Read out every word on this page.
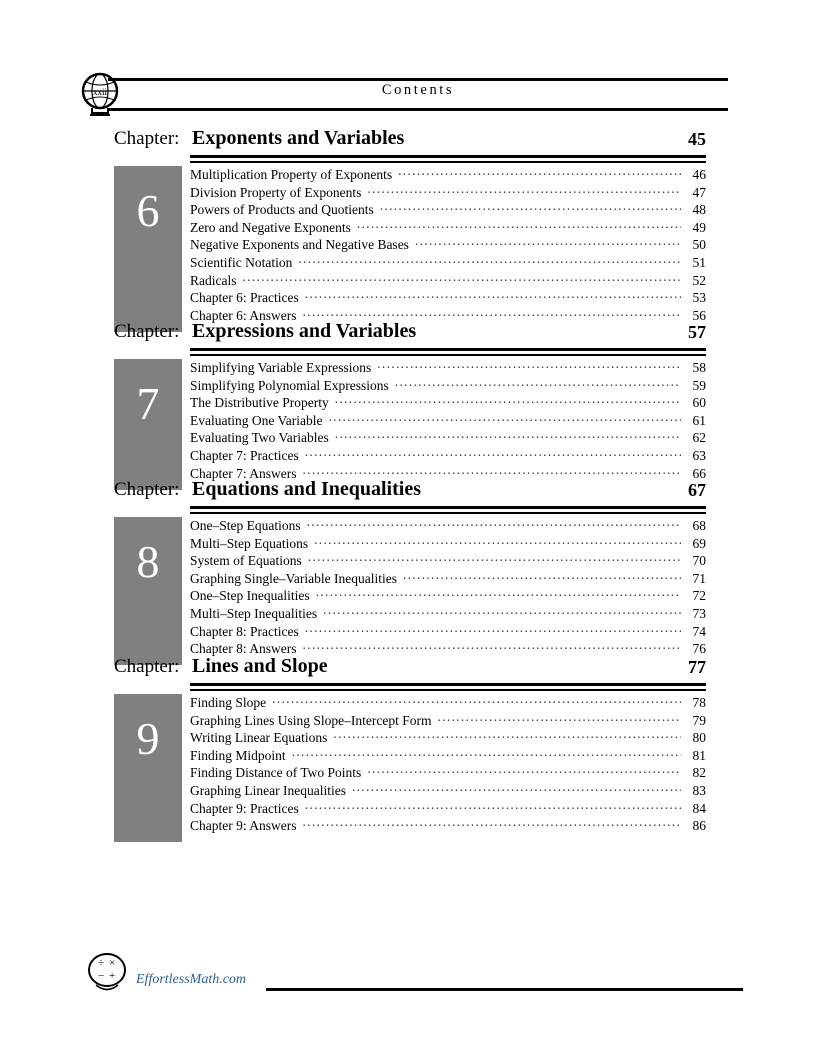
xxii	Contents
Chapter: Exponents and Variables	45
6
Multiplication Property of Exponents .....	46
Division Property of Exponents .....	47
Powers of Products and Quotients .....	48
Zero and Negative Exponents .....	49
Negative Exponents and Negative Bases .....	50
Scientific Notation .....	51
Radicals .....	52
Chapter 6: Practices .....	53
Chapter 6: Answers .....	56
Chapter: Expressions and Variables	57
7
Simplifying Variable Expressions .....	58
Simplifying Polynomial Expressions .....	59
The Distributive Property .....	60
Evaluating One Variable .....	61
Evaluating Two Variables .....	62
Chapter 7: Practices .....	63
Chapter 7: Answers .....	66
Chapter: Equations and Inequalities	67
8
One–Step Equations .....	68
Multi–Step Equations .....	69
System of Equations .....	70
Graphing Single–Variable Inequalities .....	71
One–Step Inequalities .....	72
Multi–Step Inequalities .....	73
Chapter 8: Practices .....	74
Chapter 8: Answers .....	76
Chapter: Lines and Slope	77
9
Finding Slope .....	78
Graphing Lines Using Slope–Intercept Form .....	79
Writing Linear Equations .....	80
Finding Midpoint .....	81
Finding Distance of Two Points .....	82
Graphing Linear Inequalities .....	83
Chapter 9: Practices .....	84
Chapter 9: Answers .....	86
÷ ×
− + EffortlessMath.com
